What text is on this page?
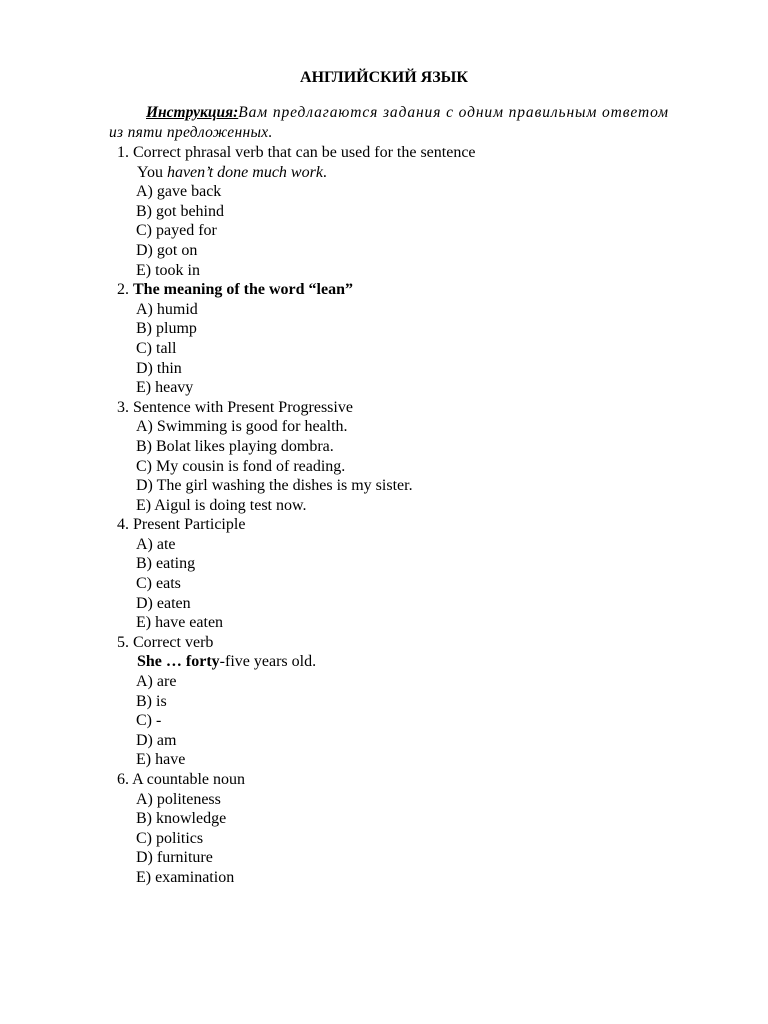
АНГЛИЙСКИЙ ЯЗЫК

Инструкция:Вам предлагаются задания с одним правильным ответом
из пяти предложенных.

1. Correct phrasal verb that can be used for the sentence
You haven’t done much work.
A) gave back
B) got behind
C) payed for
D) got on
E) took in
2. The meaning of the word “lean”
A) humid
B) plump
C) tall
D) thin
E) heavy
3. Sentence with Present Progressive
A) Swimming is good for health.
B) Bolat likes playing dombra.
C) My cousin is fond of reading.
D) The girl washing the dishes is my sister.
E) Aigul is doing test now.
4. Present Participle
A) ate
B) eating
C) eats
D) eaten
E) have eaten
5. Correct verb
She … forty-five years old.
A) are
B) is
C) -
D) am
E) have
6. A countable noun
A) politeness
B) knowledge
C) politics
D) furniture
E) examination
